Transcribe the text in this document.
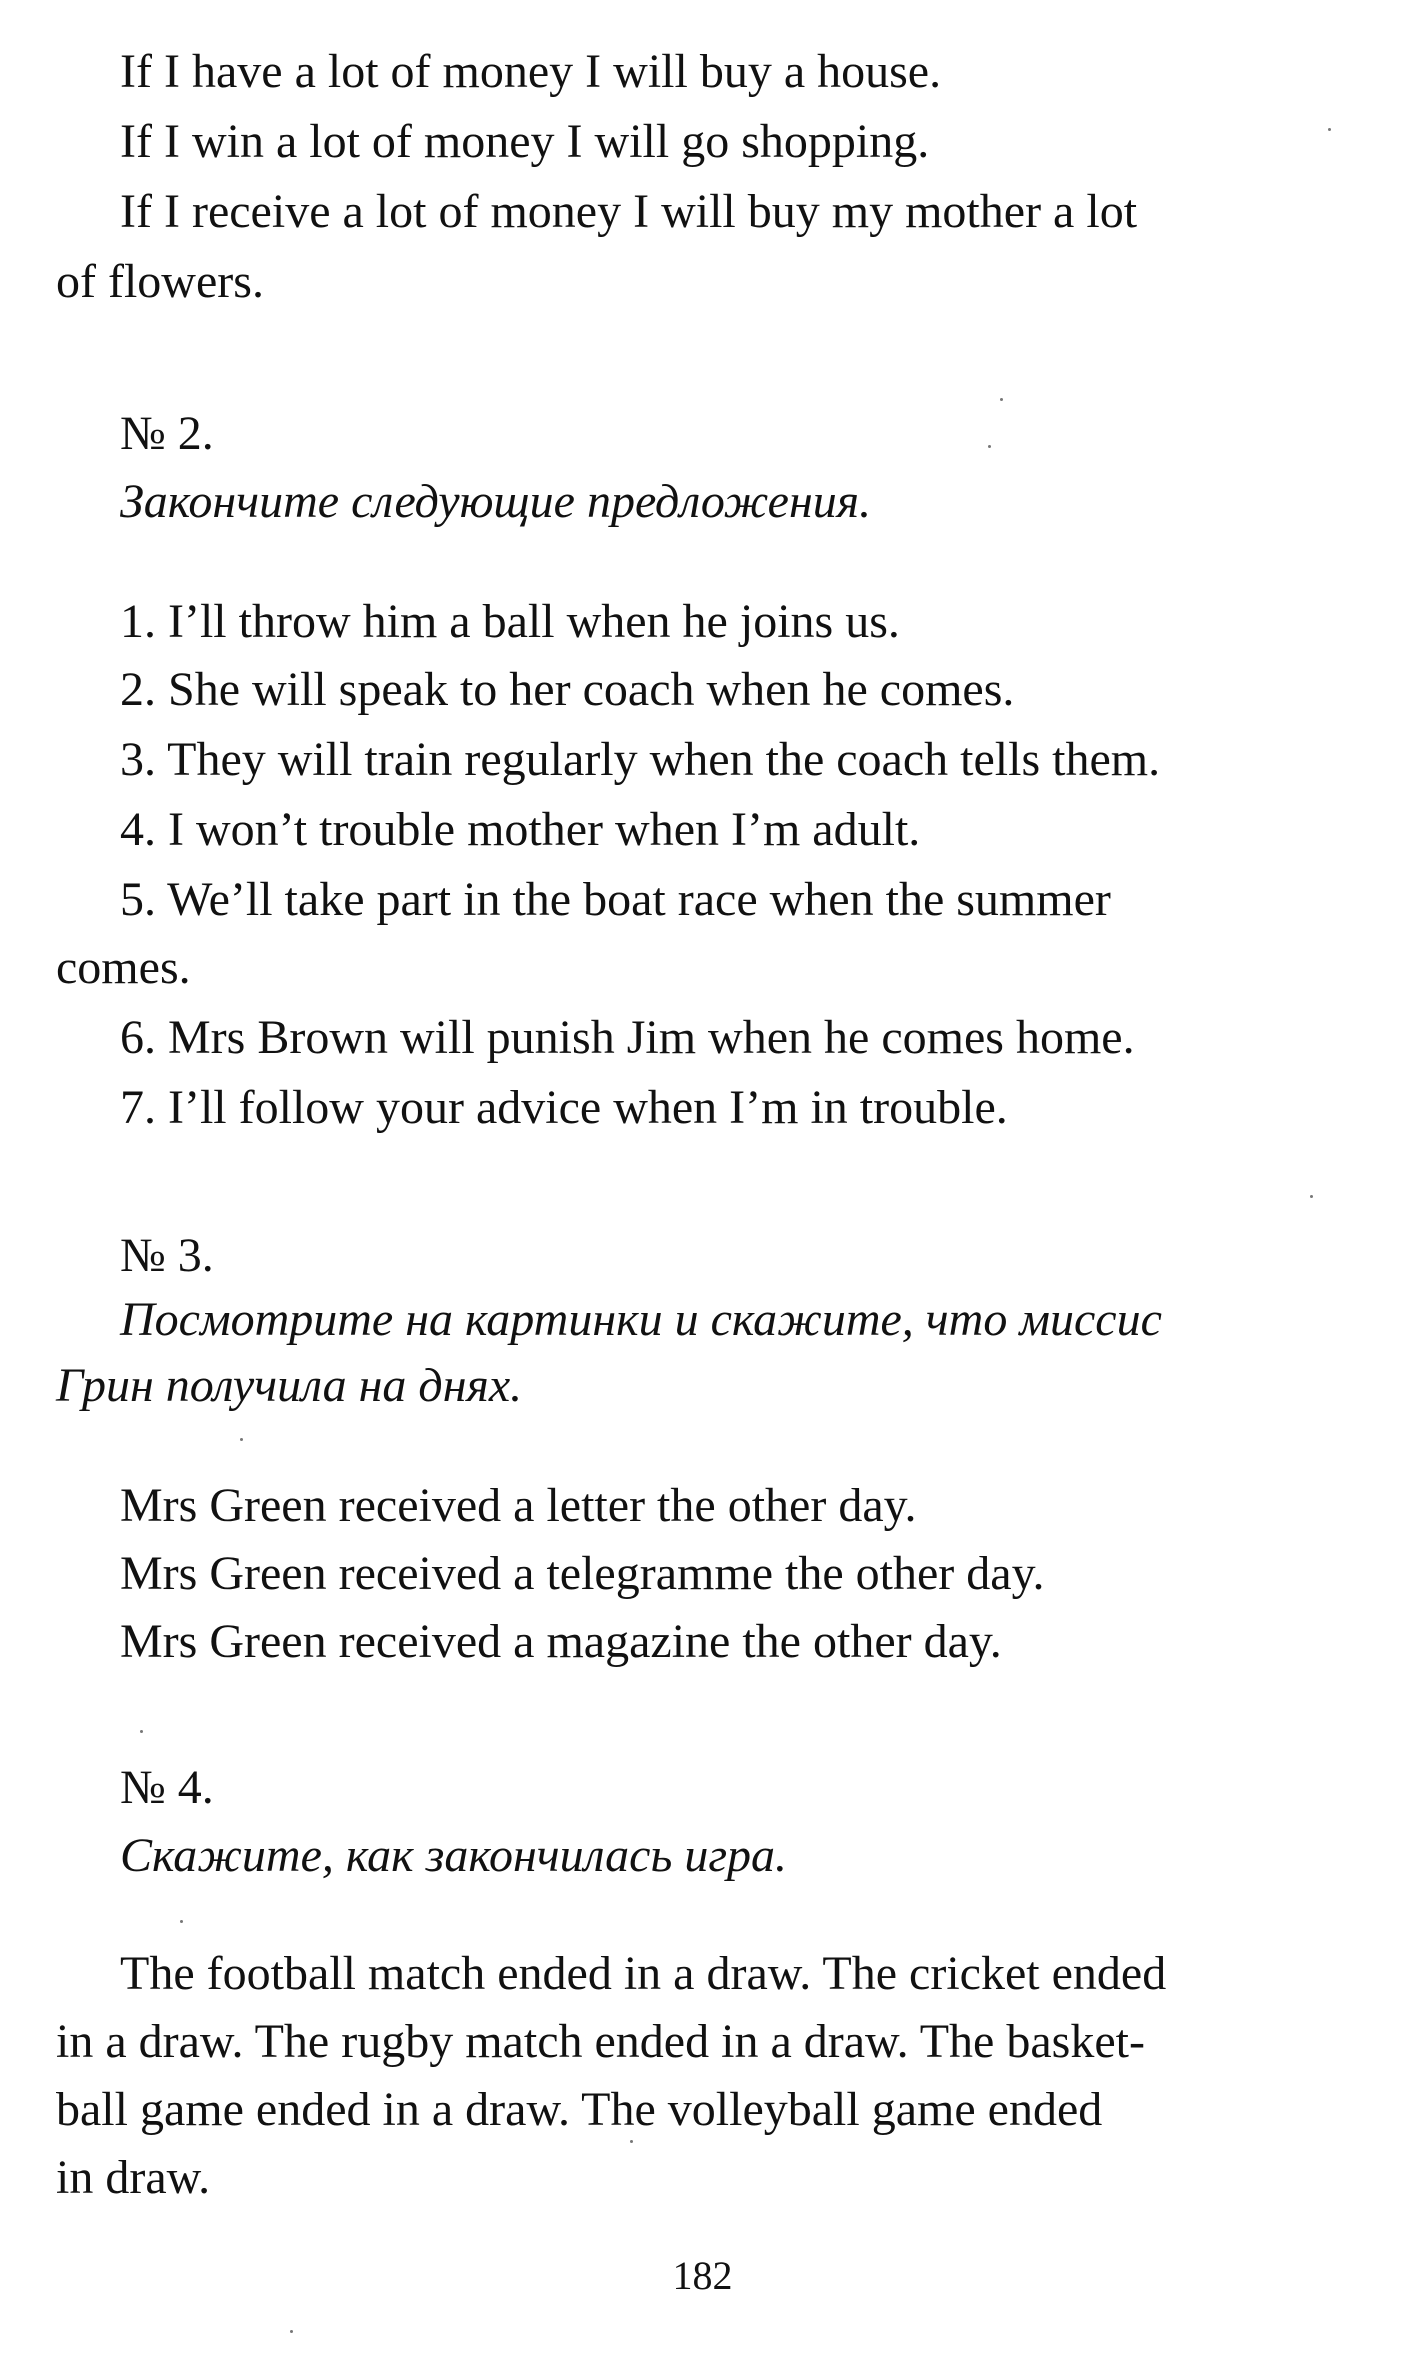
If I have a lot of money I will buy a house.
If I win a lot of money I will go shopping.
If I receive a lot of money I will buy my mother a lot
of flowers.
№ 2.
Закончите следующие предложения.
1. I’ll throw him a ball when he joins us.
2. She will speak to her coach when he comes.
3. They will train regularly when the coach tells them.
4. I won’t trouble mother when I’m adult.
5. We’ll take part in the boat race when the summer
comes.
6. Mrs Brown will punish Jim when he comes home.
7. I’ll follow your advice when I’m in trouble.
№ 3.
Посмотрите на картинки и скажите, что миссис
Грин получила на днях.
Mrs Green received a letter the other day.
Mrs Green received a telegramme the other day.
Mrs Green received a magazine the other day.
№ 4.
Скажите, как закончилась игра.
The football match ended in a draw. The cricket ended
in a draw. The rugby match ended in a draw. The basket-
ball game ended in a draw. The volleyball game ended
in draw.
182
